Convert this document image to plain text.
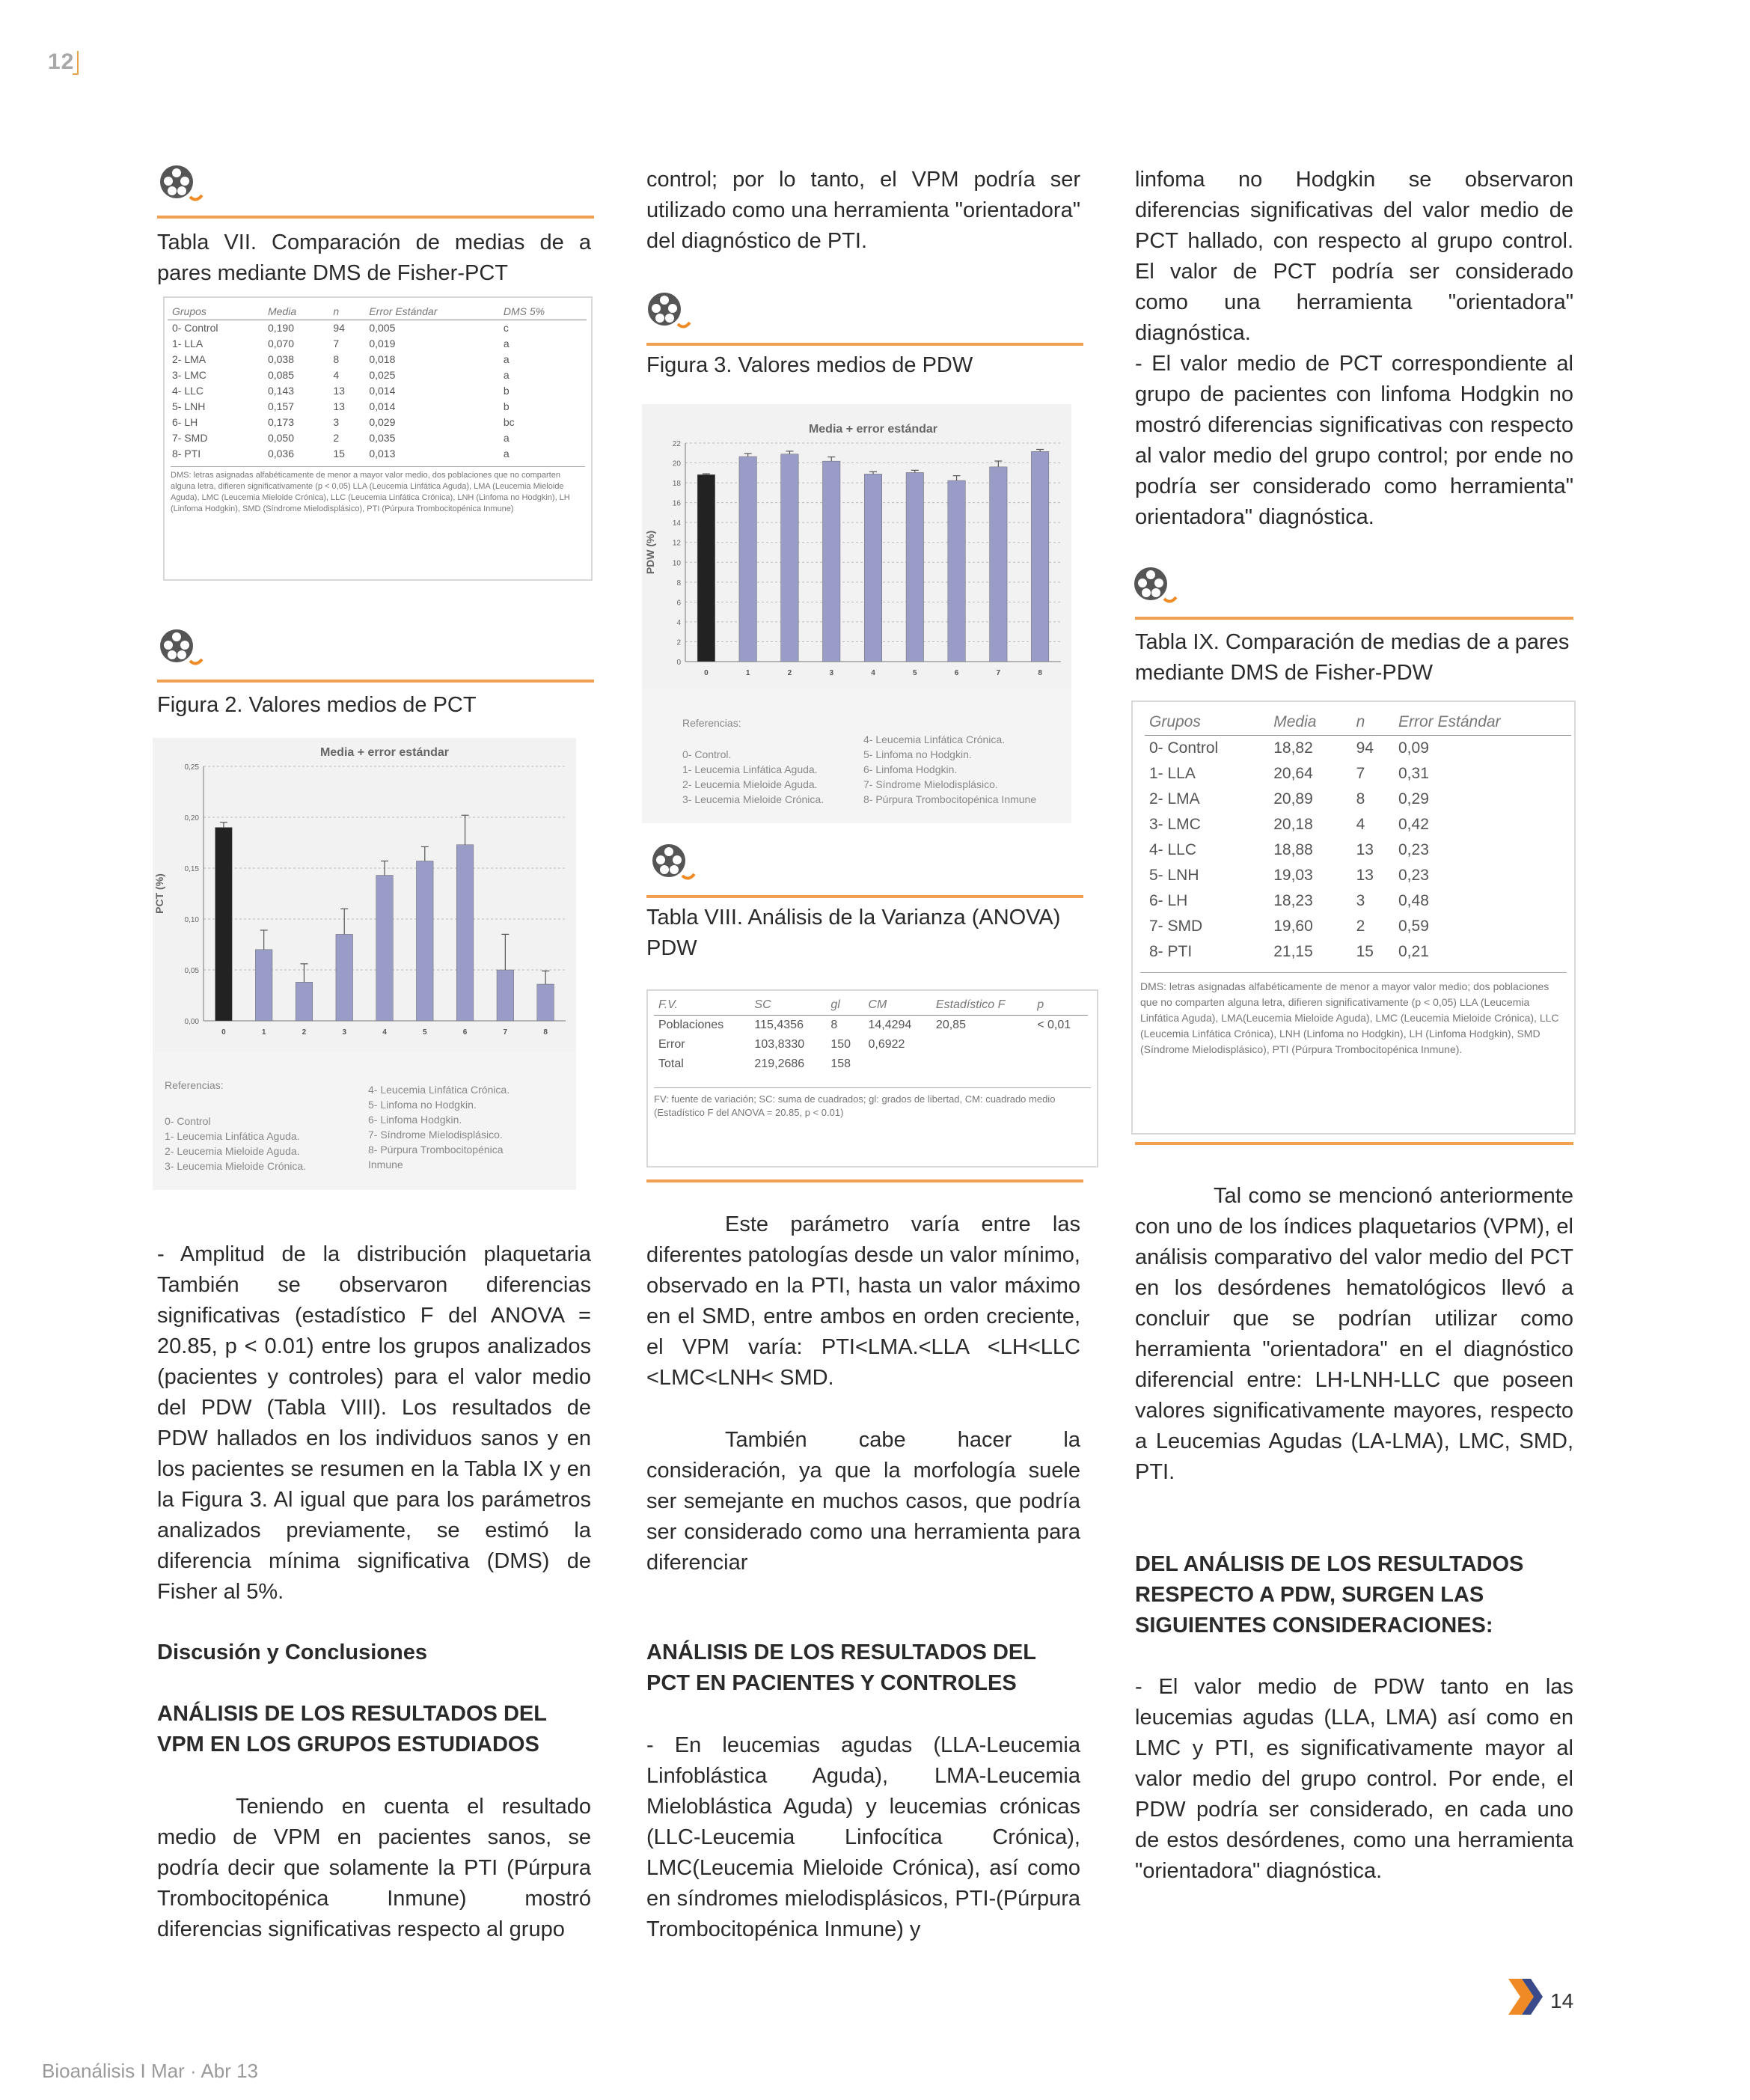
12
Bioanálisis I Mar · Abr 13
14
Tabla VII. Comparación de medias de a pares mediante DMS de Fisher-PCT
Grupos	Media	n	Error Estándar	DMS 5%
0- Control	0,190	94	0,005	c
1- LLA	0,070	7	0,019	a
2- LMA	0,038	8	0,018	a
3- LMC	0,085	4	0,025	a
4- LLC	0,143	13	0,014	b
5- LNH	0,157	13	0,014	b
6- LH	0,173	3	0,029	bc
7- SMD	0,050	2	0,035	a
8- PTI	0,036	15	0,013	a
DMS: letras asignadas alfabéticamente de menor a mayor valor medio, dos poblaciones que no comparten alguna letra, difieren significativamente (p < 0,05) LLA (Leucemia Linfática Aguda), LMA (Leucemia Mieloide Aguda), LMC (Leucemia Mieloide Crónica), LLC (Leucemia Linfática Crónica), LNH (Linfoma no Hodgkin), LH (Linfoma Hodgkin), SMD (Síndrome Mielodisplásico), PTI (Púrpura Trombocitopénica Inmune)
Figura 2. Valores medios de PCT
Media + error estándar
0,00
0,05
0,10
0,15
0,20
0,25
PCT (%)
0	1	2	3	4	5	6	7	8
Referencias:
0- Control
1- Leucemia Linfática Aguda.
2- Leucemia Mieloide Aguda.
3- Leucemia Mieloide Crónica.
4- Leucemia Linfática Crónica.
5- Linfoma no Hodgkin.
6- Linfoma Hodgkin.
7- Síndrome Mielodisplásico.
8- Púrpura Trombocitopénica
Inmune

- Amplitud de la distribución plaquetaria También se observaron diferencias significativas (estadístico F del ANOVA = 20.85, p < 0.01) entre los grupos analizados (pacientes y controles) para el valor medio del PDW (Tabla VIII). Los resultados de PDW hallados en los individuos sanos y en los pacientes se resumen en la Tabla IX y en la Figura 3. Al igual que para los parámetros analizados previamente, se estimó la diferencia mínima significativa (DMS) de Fisher al 5%.

Discusión y Conclusiones
ANÁLISIS DE LOS RESULTADOS DEL VPM EN LOS GRUPOS ESTUDIADOS

Teniendo en cuenta el resultado medio de VPM en pacientes sanos, se podría decir que solamente la PTI (Púrpura Trombocitopénica Inmune) mostró diferencias significativas respecto al grupo

control; por lo tanto, el VPM podría ser utilizado como una herramienta "orientadora" del diagnóstico de PTI.

Figura 3. Valores medios de PDW
Media + error estándar
0
2
4
6
8
10
12
14
16
18
20
22
PDW (%)
0	1	2	3	4	5	6	7	8
Referencias:
0- Control.
1- Leucemia Linfática Aguda.
2- Leucemia Mieloide Aguda.
3- Leucemia Mieloide Crónica.
4- Leucemia Linfática Crónica.
5- Linfoma no Hodgkin.
6- Linfoma Hodgkin.
7- Síndrome Mielodisplásico.
8- Púrpura Trombocitopénica Inmune
Tabla VIII. Análisis de la Varianza (ANOVA) PDW
F.V.	SC	gl	CM	Estadístico F	p
Poblaciones	115,4356	8	14,4294	20,85	< 0,01
Error	103,8330	150	0,6922		
Total	219,2686	158			
FV: fuente de variación; SC: suma de cuadrados; gl: grados de libertad, CM: cuadrado medio (Estadístico F del ANOVA = 20.85, p < 0.01)

Este parámetro varía entre las diferentes patologías desde un valor mínimo, observado en la PTI, hasta un valor máximo en el SMD, entre ambos en orden creciente, el VPM varía: PTI<LMA.<LLA <LH<LLC <LMC<LNH< SMD.

También cabe hacer la consideración, ya que la morfología suele ser semejante en muchos casos, que podría ser considerado como una herramienta para diferenciar

ANÁLISIS DE LOS RESULTADOS DEL PCT EN PACIENTES Y CONTROLES

- En leucemias agudas (LLA-Leucemia Linfoblástica Aguda), LMA-Leucemia Mieloblástica Aguda) y leucemias crónicas (LLC-Leucemia Linfocítica Crónica), LMC(Leucemia Mieloide Crónica), así como en síndromes mielodisplásicos, PTI-(Púrpura Trombocitopénica Inmune) y

linfoma no Hodgkin se observaron diferencias significativas del valor medio de PCT hallado, con respecto al grupo control. El valor de PCT podría ser considerado como una herramienta "orientadora" diagnóstica.

- El valor medio de PCT correspondiente al grupo de pacientes con linfoma Hodgkin no mostró diferencias significativas con respecto al valor medio del grupo control; por ende no podría ser considerado como herramienta" orientadora" diagnóstica.

Tabla IX. Comparación de medias de a pares mediante DMS de Fisher-PDW
Grupos	Media	n	Error Estándar
0- Control	18,82	94	0,09
1- LLA	20,64	7	0,31
2- LMA	20,89	8	0,29
3- LMC	20,18	4	0,42
4- LLC	18,88	13	0,23
5- LNH	19,03	13	0,23
6- LH	18,23	3	0,48
7- SMD	19,60	2	0,59
8- PTI	21,15	15	0,21
DMS: letras asignadas alfabéticamente de menor a mayor valor medio; dos poblaciones que no comparten alguna letra, difieren significativamente (p < 0,05) LLA (Leucemia Linfática Aguda), LMA(Leucemia Mieloide Aguda), LMC (Leucemia Mieloide Crónica), LLC (Leucemia Linfática Crónica), LNH (Linfoma no Hodgkin), LH (Linfoma Hodgkin), SMD (Síndrome Mielodisplásico), PTI (Púrpura Trombocitopénica Inmune).

Tal como se mencionó anteriormente con uno de los índices plaquetarios (VPM), el análisis comparativo del valor medio del PCT en los desórdenes hematológicos llevó a concluir que se podrían utilizar como herramienta "orientadora" en el diagnóstico diferencial entre: LH-LNH-LLC que poseen valores significativamente mayores, respecto a Leucemias Agudas (LA-LMA), LMC, SMD, PTI.

DEL ANÁLISIS DE LOS RESULTADOS RESPECTO A PDW, SURGEN LAS SIGUIENTES CONSIDERACIONES:

- El valor medio de PDW tanto en las leucemias agudas (LLA, LMA) así como en LMC y PTI, es significativamente mayor al valor medio del grupo control. Por ende, el PDW podría ser considerado, en cada uno de estos desórdenes, como una herramienta "orientadora" diagnóstica.
